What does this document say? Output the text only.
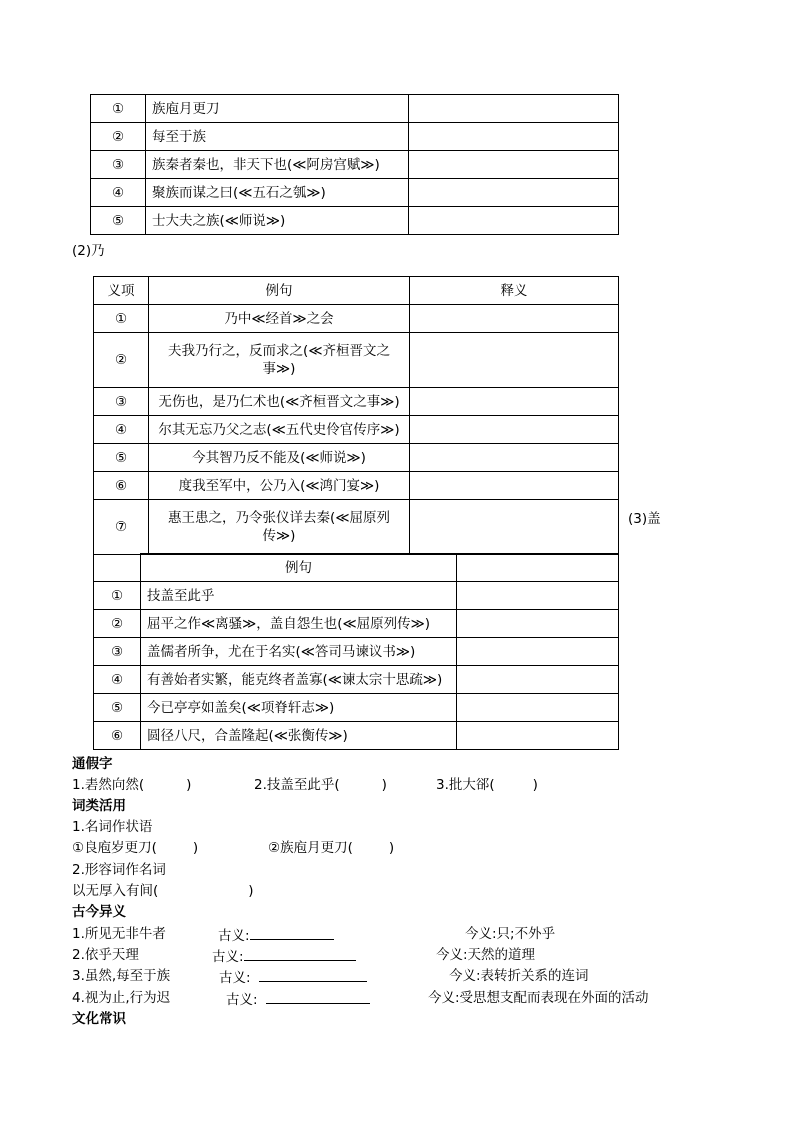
①	族庖月更刀	
②	每至于族	
③	族秦者秦也，非天下也(≪阿房宫赋≫)	
④	聚族而谋之曰(≪五石之瓠≫)	
⑤	士大夫之族(≪师说≫)	
(2)乃
义项	例句	释义
①	乃中≪经首≫之会	
②	夫我乃行之，反而求之(≪齐桓晋文之
事≫)	

③	无伤也，是乃仁术也(≪齐桓晋文之事≫)	
④	尔其无忘乃父之志(≪五代史伶官传序≫)	
⑤	今其智乃反不能及(≪师说≫)	
⑥	度我至军中，公乃入(≪鸿门宴≫)	
⑦	惠王患之，乃令张仪详去秦(≪屈原列
传≫)	

(3)盖
	例句	
①	技盖至此乎	
②	屈平之作≪离骚≫，盖自怨生也(≪屈原列传≫)	
③	盖儒者所争，尤在于名实(≪答司马谏议书≫)	
④	有善始者实繁，能克终者盖寡(≪谏太宗十思疏≫)	
⑤	今已亭亭如盖矣(≪项脊轩志≫)	
⑥	圆径八尺，合盖隆起(≪张衡传≫)	
通假字
1.砉然向然(	)	2.技盖至此乎(	)	3.批大郤(	)
词类活用
1.名词作状语
①良庖岁更刀(	)	②族庖月更刀(	)
2.形容词作名词
以无厚入有间(	)
古今异义
1.所见无非牛者	古义:	今义:只;不外乎
2.依乎天理	古义:	今义:天然的道理
3.虽然,每至于族	古义:	今义:表转折关系的连词
4.视为止,行为迟	古义:	今义:受思想支配而表现在外面的活动
文化常识
